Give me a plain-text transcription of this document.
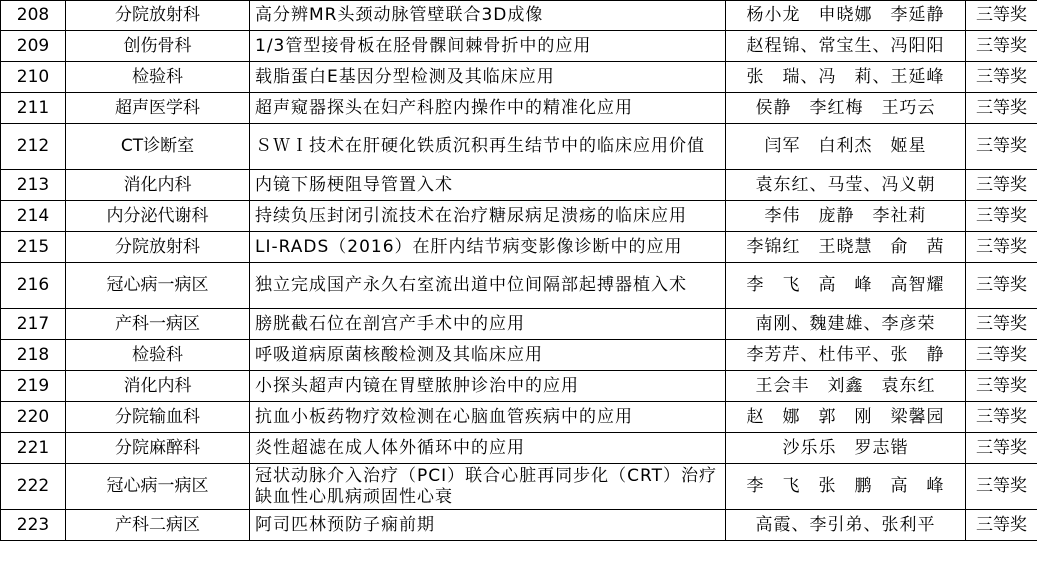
208	分院放射科	高分辨MR头颈动脉管壁联合3D成像	杨小龙　申晓娜　李延静	三等奖
209	创伤骨科	1/3管型接骨板在胫骨髁间棘骨折中的应用	赵程锦、常宝生、冯阳阳	三等奖
210	检验科	载脂蛋白E基因分型检测及其临床应用	张　瑞、冯　莉、王延峰	三等奖
211	超声医学科	超声窥器探头在妇产科腔内操作中的精准化应用	侯静　李红梅　王巧云	三等奖
212	CT诊断室	ＳＷＩ技术在肝硬化铁质沉积再生结节中的临床应用价值	闫军　白利杰　姬星	三等奖
213	消化内科	内镜下肠梗阻导管置入术	袁东红、马莹、冯义朝	三等奖
214	内分泌代谢科	持续负压封闭引流技术在治疗糖尿病足溃疡的临床应用	李伟　庞静　李社莉	三等奖
215	分院放射科	LI-RADS（2016）在肝内结节病变影像诊断中的应用	李锦红　王晓慧　俞　茜	三等奖
216	冠心病一病区	独立完成国产永久右室流出道中位间隔部起搏器植入术	李　飞　高　峰　高智耀	三等奖
217	产科一病区	膀胱截石位在剖宫产手术中的应用	南刚、魏建雄、李彦荣	三等奖
218	检验科	呼吸道病原菌核酸检测及其临床应用	李芳芹、杜伟平、张　静	三等奖
219	消化内科	小探头超声内镜在胃壁脓肿诊治中的应用	王会丰　刘鑫　袁东红	三等奖
220	分院输血科	抗血小板药物疗效检测在心脑血管疾病中的应用	赵　娜　郭　刚　梁馨园	三等奖
221	分院麻醉科	炎性超滤在成人体外循环中的应用	沙乐乐　罗志锴	三等奖
222	冠心病一病区	冠状动脉介入治疗（PCI）联合心脏再同步化（CRT）治疗缺血性心肌病顽固性心衰	李　飞　张　鹏　高　峰	三等奖
223	产科二病区	阿司匹林预防子痫前期	高霞、李引弟、张利平	三等奖
